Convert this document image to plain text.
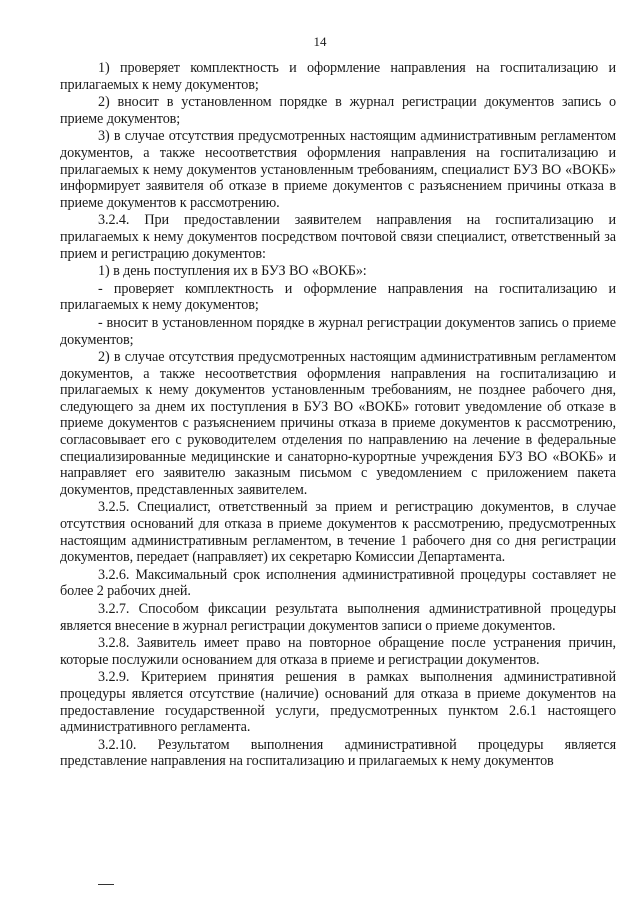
14

1) проверяет комплектность и оформление направления на госпитализацию и прилагаемых к нему документов;

2) вносит в установленном порядке в журнал регистрации документов запись о приеме документов;

3) в случае отсутствия предусмотренных настоящим административным регламентом документов, а также несоответствия оформления направления на госпитализацию и прилагаемых к нему документов установленным требованиям, специалист БУЗ ВО «ВОКБ» информирует заявителя об отказе в приеме документов с разъяснением причины отказа в приеме документов к рассмотрению.

3.2.4. При предоставлении заявителем направления на госпитализацию и прилагаемых к нему документов посредством почтовой связи специалист, ответственный за прием и регистрацию документов:

1) в день поступления их в БУЗ ВО «ВОКБ»:

- проверяет комплектность и оформление направления на госпитализацию и прилагаемых к нему документов;

- вносит в установленном порядке в журнал регистрации документов запись о приеме документов;

2) в случае отсутствия предусмотренных настоящим административным регламентом документов, а также несоответствия оформления направления на госпитализацию и прилагаемых к нему документов установленным требованиям, не позднее рабочего дня, следующего за днем их поступления в БУЗ ВО «ВОКБ» готовит уведомление об отказе в приеме документов с разъяснением причины отказа в приеме документов к рассмотрению, согласовывает его с руководителем отделения по направлению на лечение в федеральные специализированные медицинские и санаторно-курортные учреждения БУЗ ВО «ВОКБ» и направляет его заявителю заказным письмом с уведомлением с приложением пакета документов, представленных заявителем.

3.2.5. Специалист, ответственный за прием и регистрацию документов, в случае отсутствия оснований для отказа в приеме документов к рассмотрению, предусмотренных настоящим административным регламентом, в течение 1 рабочего дня со дня регистрации документов, передает (направляет) их секретарю Комиссии Департамента.

3.2.6. Максимальный срок исполнения административной процедуры составляет не более 2 рабочих дней.

3.2.7. Способом фиксации результата выполнения административной процедуры является внесение в журнал регистрации документов записи о приеме документов.

3.2.8. Заявитель имеет право на повторное обращение после устранения причин, которые послужили основанием для отказа в приеме и регистрации документов.

3.2.9. Критерием принятия решения в рамках выполнения административной процедуры является отсутствие (наличие) оснований для отказа в приеме документов на предоставление государственной услуги, предусмотренных пунктом 2.6.1 настоящего административного регламента.

3.2.10. Результатом выполнения административной процедуры является представление направления на госпитализацию и прилагаемых к нему документов
